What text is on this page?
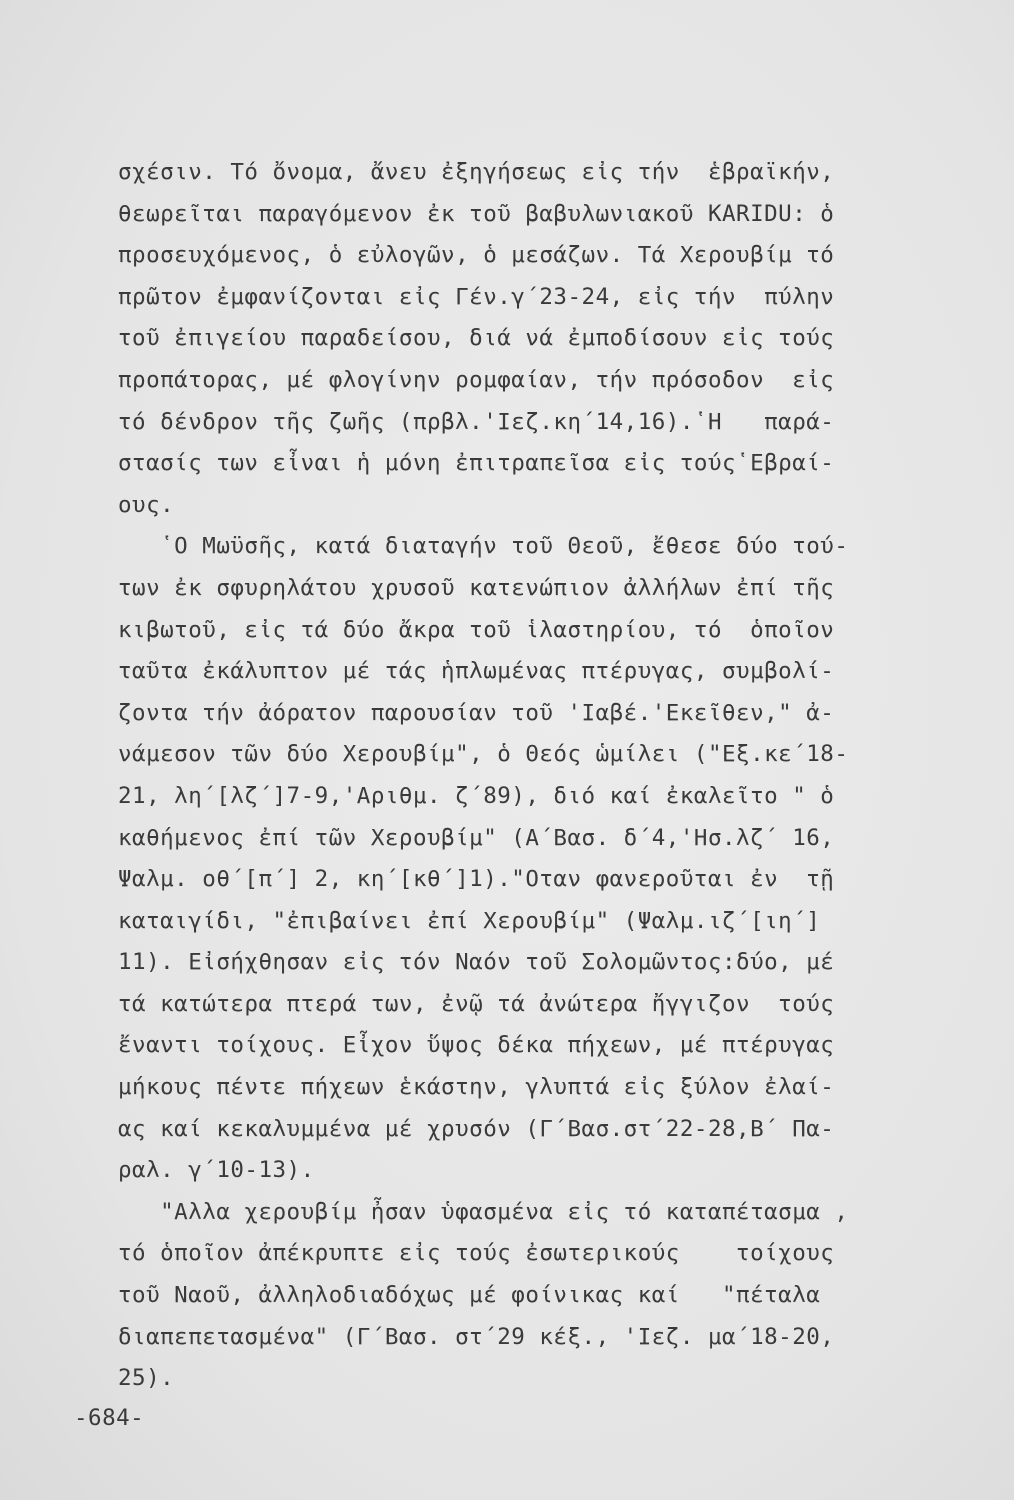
σχέσιν. Τό ὄνομα, ἄνευ ἐξηγήσεως εἰς τήν  ἑβραϊκήν,
θεωρεῖται παραγόμενον ἐκ τοῦ βαβυλωνιακοῦ KARIDU: ὁ
προσευχόμενος, ὁ εὐλογῶν, ὁ μεσάζων. Τά Χερουβίμ τό
πρῶτον ἐμφανίζονται εἰς Γέν.γ΄23-24, εἰς τήν  πύλην
τοῦ ἐπιγείου παραδείσου, διά νά ἐμποδίσουν εἰς τούς
προπάτορας, μέ φλογίνην ρομφαίαν, τήν πρόσοδον  εἰς
τό δένδρον τῆς ζωῆς (πρβλ.'Ιεζ.κη΄14,16).῾Η   παρά-
στασίς των εἶναι ἡ μόνη ἐπιτραπεῖσα εἰς τούς῾Εβραί-
ους.
῾Ο Μωϋσῆς, κατά διαταγήν τοῦ Θεοῦ, ἔθεσε δύο τού-
των ἐκ σφυρηλάτου χρυσοῦ κατενώπιον ἀλλήλων ἐπί τῆς
κιβωτοῦ, εἰς τά δύο ἄκρα τοῦ ἱλαστηρίου, τό  ὁποῖον
ταῦτα ἐκάλυπτον μέ τάς ἡπλωμένας πτέρυγας, συμβολί-
ζοντα τήν ἀόρατον παρουσίαν τοῦ 'Ιαβέ.'Εκεῖθεν," ἀ-
νάμεσον τῶν δύο Χερουβίμ", ὁ Θεός ὡμίλει ("Εξ.κε΄18-
21, λη΄[λζ΄]7-9,'Αριθμ. ζ΄89), διό καί ἐκαλεῖτο " ὁ
καθήμενος ἐπί τῶν Χερουβίμ" (Α΄Βασ. δ΄4,'Ησ.λζ΄ 16,
Ψαλμ. οθ΄[π΄] 2, κη΄[κθ΄]1)."Οταν φανεροῦται ἐν  τῇ
καταιγίδι, "ἐπιβαίνει ἐπί Χερουβίμ" (Ψαλμ.ιζ΄[ιη΄]
11). Εἰσήχθησαν εἰς τόν Ναόν τοῦ Σολομῶντος:δύο, μέ
τά κατώτερα πτερά των, ἐνῷ τά ἀνώτερα ἤγγιζον  τούς
ἔναντι τοίχους. Εἶχον ὕψος δέκα πήχεων, μέ πτέρυγας
μήκους πέντε πήχεων ἑκάστην, γλυπτά εἰς ξύλον ἐλαί-
ας καί κεκαλυμμένα μέ χρυσόν (Γ΄Βασ.στ΄22-28,Β΄ Πα-
ραλ. γ΄10-13).
"Αλλα χερουβίμ ἦσαν ὑφασμένα εἰς τό καταπέτασμα ,
τό ὁποῖον ἀπέκρυπτε εἰς τούς ἐσωτερικούς    τοίχους
τοῦ Ναοῦ, ἀλληλοδιαδόχως μέ φοίνικας καί   "πέταλα
διαπεπετασμένα" (Γ΄Βασ. στ΄29 κέξ., 'Ιεζ. μα΄18-20,
25).
-684-
